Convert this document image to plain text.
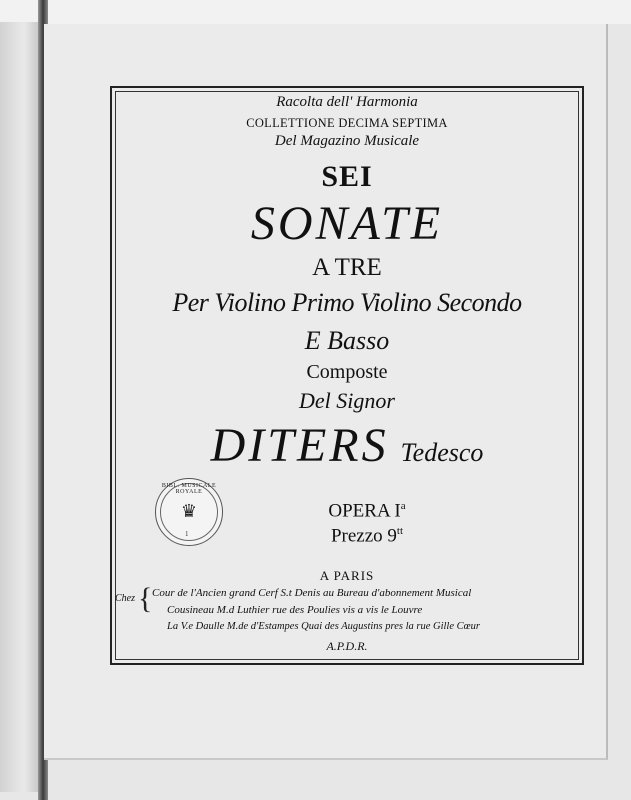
Racolta dell' Harmonia
COLLETTIONE DECIMA SEPTIMA
Del Magazino Musicale
SEI
SONATE
A TRE
Per Violino Primo Violino Secondo
E Basso
Composte
Del Signor
DITERS Tedesco
OPERA $I^a$
Prezzo $9^{tt}$
A PARIS
Cour de l'Ancien grand Cerf S.t Denis au Bureau d'abonnement Musical
Cousineau M.d Luthier rue des Poulies vis a vis le Louvre
La V.e Daulle M.de d'Estampes Quai des Augustins pres la rue Gille Cœur
A.P.D.R.
Chez {
BIBL. MUSICALE ROYALE
♛
1
